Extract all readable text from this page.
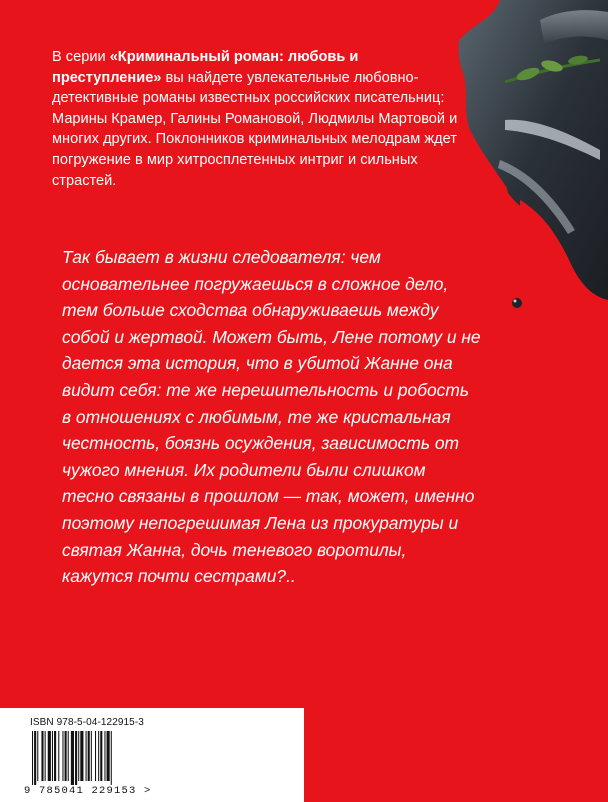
В серии «Криминальный роман: любовь и преступление» вы найдете увлекательные любовно-детективные романы известных российских писательниц: Марины Крамер, Галины Романовой, Людмилы Мартовой и многих других. Поклонников криминальных мелодрам ждет погружение в мир хитросплетенных интриг и сильных страстей.

Так бывает в жизни следователя: чем основательнее погружаешься в сложное дело, тем больше сходства обнаруживаешь между собой и жертвой. Может быть, Лене потому и не дается эта история, что в убитой Жанне она видит себя: те же нерешительность и робость в отношениях с любимым, те же кристальная честность, боязнь осуждения, зависимость от чужого мнения. Их родители были слишком тесно связаны в прошлом — так, может, именно поэтому непогрешимая Лена из прокуратуры и святая Жанна, дочь теневого воротилы, кажутся почти сестрами?..

ISBN 978-5-04-122915-3
9 785041 229153 >
